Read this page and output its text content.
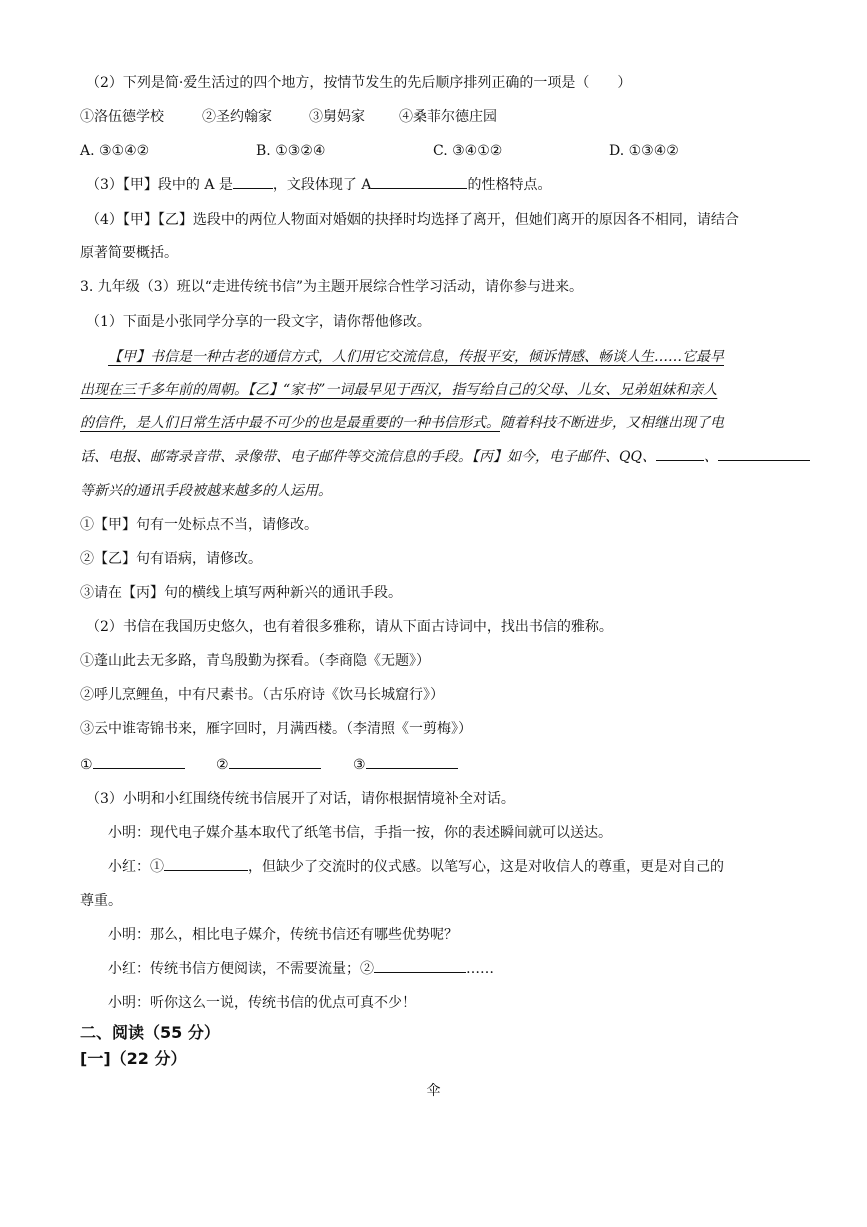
（2）下列是简·爱生活过的四个地方，按情节发生的先后顺序排列正确的一项是（　　）
①洛伍德学校	②圣约翰家	③舅妈家 ④桑菲尔德庄园
A. ③①④②	B. ①③②④	C. ③④①②	D. ①③④②
（3）【甲】段中的 A 是	，文段体现了 A	的性格特点。
（4）【甲】【乙】选段中的两位人物面对婚姻的抉择时均选择了离开，但她们离开的原因各不相同，请结合
原著简要概括。
3. 九年级（3）班以“走进传统书信”为主题开展综合性学习活动，请你参与进来。
（1）下面是小张同学分享的一段文字，请你帮他修改。
【甲】书信是一种古老的通信方式，人们用它交流信息，传报平安，倾诉情感、畅谈人生……它最早
出现在三千多年前的周朝。【乙】“家书”一词最早见于西汉，指写给自己的父母、儿女、兄弟姐妹和亲人
的信件，是人们日常生活中最不可少的也是最重要的一种书信形式。随着科技不断进步，又相继出现了电
话、电报、邮寄录音带、录像带、电子邮件等交流信息的手段。【丙】如今，电子邮件、QQ、	、
等新兴的通讯手段被越来越多的人运用。
①【甲】句有一处标点不当，请修改。
②【乙】句有语病，请修改。
③请在【丙】句的横线上填写两种新兴的通讯手段。
（2）书信在我国历史悠久，也有着很多雅称，请从下面古诗词中，找出书信的雅称。
①蓬山此去无多路，青鸟殷勤为探看。（李商隐《无题》）
②呼儿烹鲤鱼，中有尺素书。（古乐府诗《饮马长城窟行》）
③云中谁寄锦书来，雁字回时，月满西楼。（李清照《一剪梅》）
①	②	③
（3）小明和小红围绕传统书信展开了对话，请你根据情境补全对话。
小明：现代电子媒介基本取代了纸笔书信，手指一按，你的表述瞬间就可以送达。
小红：①	，但缺少了交流时的仪式感。以笔写心，这是对收信人的尊重，更是对自己的
尊重。
小明：那么，相比电子媒介，传统书信还有哪些优势呢？
小红：传统书信方便阅读，不需要流量；②	……
小明：听你这么一说，传统书信的优点可真不少！
二、阅读（55 分）
[一]（22 分）
伞
